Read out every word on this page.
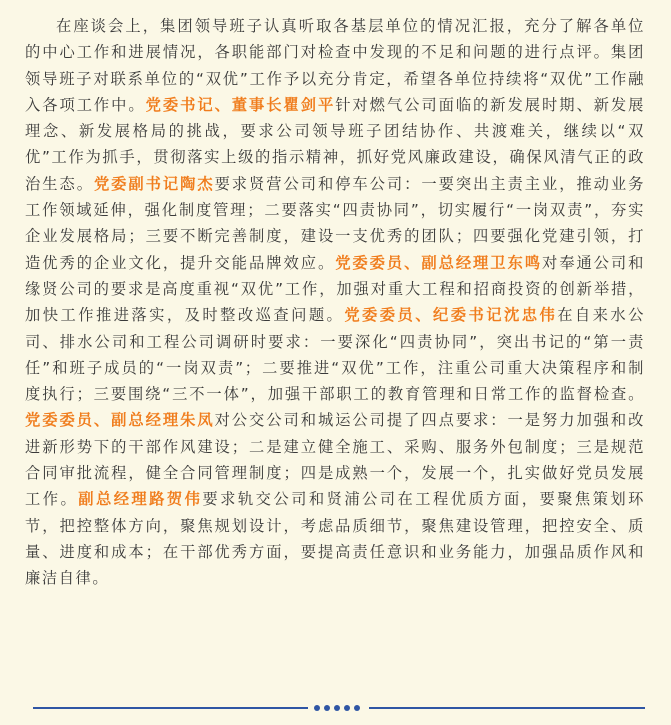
在座谈会上，集团领导班子认真听取各基层单位的情况汇报，充分了解各单位的中心工作和进展情况，各职能部门对检查中发现的不足和问题的进行点评。集团领导班子对联系单位的“双优”工作予以充分肯定，希望各单位持续将“双优”工作融入各项工作中。党委书记、董事长瞿剑平针对燃气公司面临的新发展时期、新发展理念、新发展格局的挑战，要求公司领导班子团结协作、共渡难关，继续以“双优”工作为抓手，贯彻落实上级的指示精神，抓好党风廉政建设，确保风清气正的政治生态。党委副书记陶杰要求贤营公司和停车公司：一要突出主责主业，推动业务工作领域延伸，强化制度管理；二要落实“四责协同”，切实履行“一岗双责”，夯实企业发展格局；三要不断完善制度，建设一支优秀的团队；四要强化党建引领，打造优秀的企业文化，提升交能品牌效应。党委委员、副总经理卫东鸣对奉通公司和缘贤公司的要求是高度重视“双优”工作，加强对重大工程和招商投资的创新举措，加快工作推进落实，及时整改巡查问题。党委委员、纪委书记沈忠伟在自来水公司、排水公司和工程公司调研时要求：一要深化“四责协同”，突出书记的“第一责任”和班子成员的“一岗双责”；二要推进“双优”工作，注重公司重大决策程序和制度执行；三要围绕“三不一体”，加强干部职工的教育管理和日常工作的监督检查。党委委员、副总经理朱凤对公交公司和城运公司提了四点要求：一是努力加强和改进新形势下的干部作风建设；二是建立健全施工、采购、服务外包制度；三是规范合同审批流程，健全合同管理制度；四是成熟一个，发展一个，扎实做好党员发展工作。副总经理路贺伟要求轨交公司和贤浦公司在工程优质方面，要聚焦策划环节，把控整体方向，聚焦规划设计，考虑品质细节，聚焦建设管理，把控安全、质量、进度和成本；在干部优秀方面，要提高责任意识和业务能力，加强品质作风和廉洁自律。
